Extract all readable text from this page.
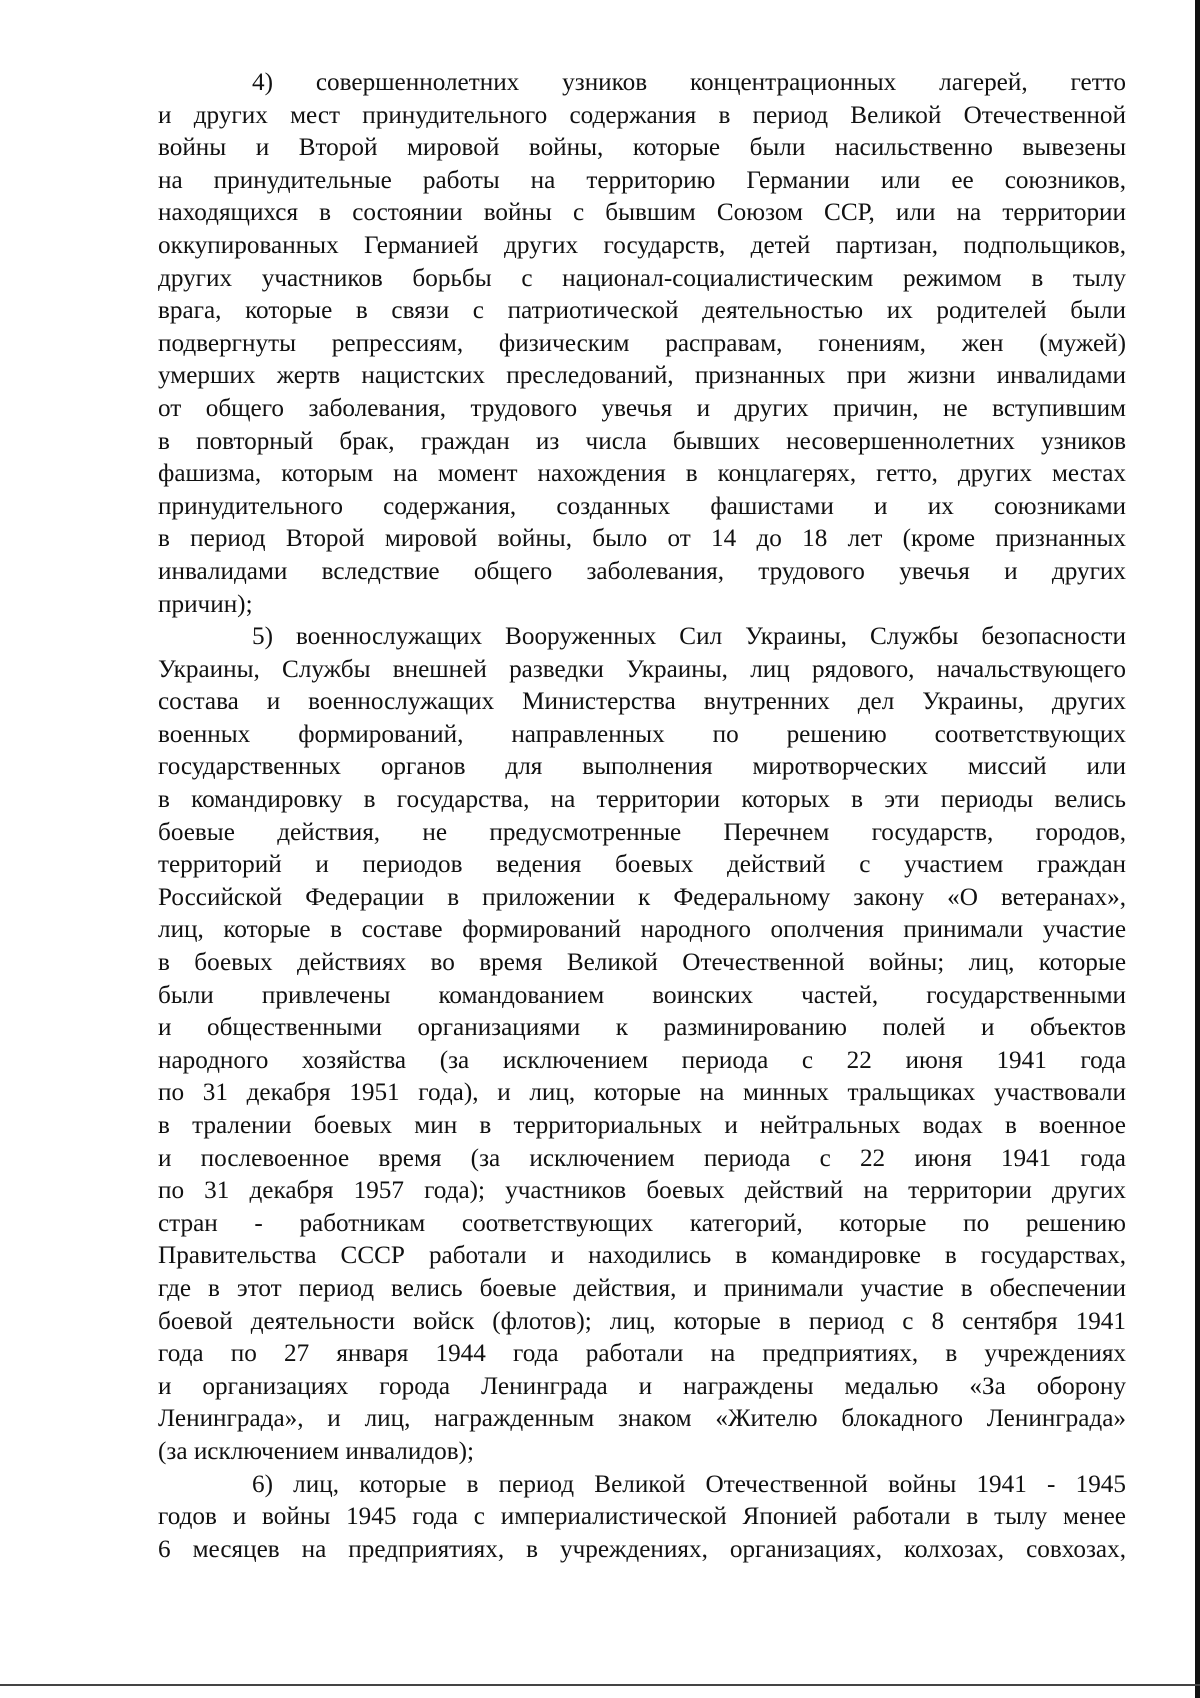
4) совершеннолетних узников концентрационных лагерей, гетто
и других мест принудительного содержания в период Великой Отечественной
войны и Второй мировой войны, которые были насильственно вывезены
на принудительные работы на территорию Германии или ее союзников,
находящихся в состоянии войны с бывшим Союзом ССР, или на территории
оккупированных Германией других государств, детей партизан, подпольщиков,
других участников борьбы с национал-социалистическим режимом в тылу
врага, которые в связи с патриотической деятельностью их родителей были
подвергнуты репрессиям, физическим расправам, гонениям, жен (мужей)
умерших жертв нацистских преследований, признанных при жизни инвалидами
от общего заболевания, трудового увечья и других причин, не вступившим
в повторный брак, граждан из числа бывших несовершеннолетних узников
фашизма, которым на момент нахождения в концлагерях, гетто, других местах
принудительного содержания, созданных фашистами и их союзниками
в период Второй мировой войны, было от 14 до 18 лет (кроме признанных
инвалидами вследствие общего заболевания, трудового увечья и других
причин);
5) военнослужащих Вооруженных Сил Украины, Службы безопасности
Украины, Службы внешней разведки Украины, лиц рядового, начальствующего
состава и военнослужащих Министерства внутренних дел Украины, других
военных формирований, направленных по решению соответствующих
государственных органов для выполнения миротворческих миссий или
в командировку в государства, на территории которых в эти периоды велись
боевые действия, не предусмотренные Перечнем государств, городов,
территорий и периодов ведения боевых действий с участием граждан
Российской Федерации в приложении к Федеральному закону «О ветеранах»,
лиц, которые в составе формирований народного ополчения принимали участие
в боевых действиях во время Великой Отечественной войны; лиц, которые
были привлечены командованием воинских частей, государственными
и общественными организациями к разминированию полей и объектов
народного хозяйства (за исключением периода с 22 июня 1941 года
по 31 декабря 1951 года), и лиц, которые на минных тральщиках участвовали
в тралении боевых мин в территориальных и нейтральных водах в военное
и послевоенное время (за исключением периода с 22 июня 1941 года
по 31 декабря 1957 года); участников боевых действий на территории других
стран - работникам соответствующих категорий, которые по решению
Правительства СССР работали и находились в командировке в государствах,
где в этот период велись боевые действия, и принимали участие в обеспечении
боевой деятельности войск (флотов); лиц, которые в период с 8 сентября 1941
года по 27 января 1944 года работали на предприятиях, в учреждениях
и организациях города Ленинграда и награждены медалью «За оборону
Ленинграда», и лиц, награжденным знаком «Жителю блокадного Ленинграда»
(за исключением инвалидов);
6) лиц, которые в период Великой Отечественной войны 1941 - 1945
годов и войны 1945 года с империалистической Японией работали в тылу менее
6 месяцев на предприятиях, в учреждениях, организациях, колхозах, совхозах,
